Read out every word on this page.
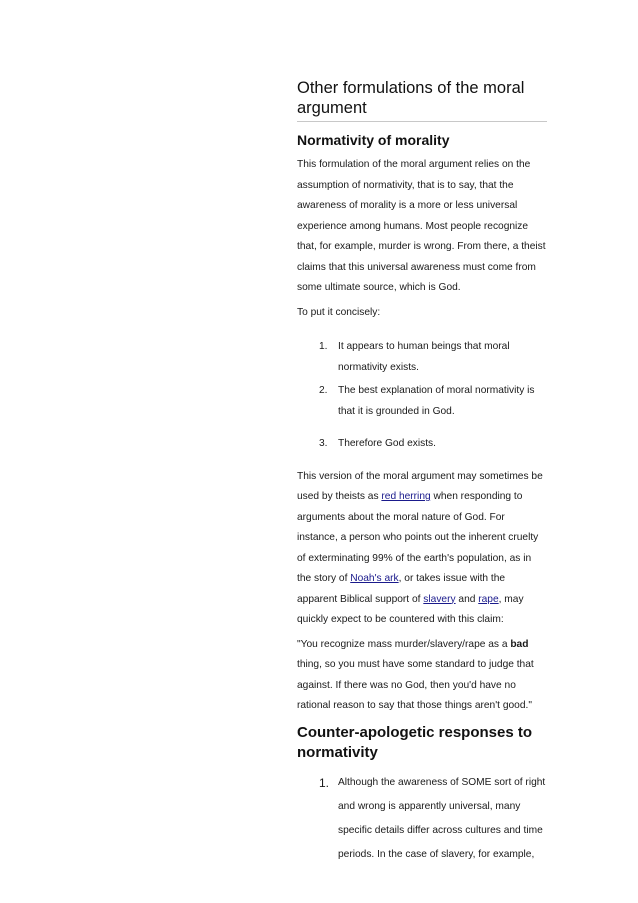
Other formulations of the moral argument
Normativity of morality

This formulation of the moral argument relies on the assumption of normativity, that is to say, that the awareness of morality is a more or less universal experience among humans. Most people recognize that, for example, murder is wrong. From there, a theist claims that this universal awareness must come from some ultimate source, which is God.

To put it concisely:

1. It appears to human beings that moral normativity exists.
2. The best explanation of moral normativity is that it is grounded in God.
3. Therefore God exists.

This version of the moral argument may sometimes be used by theists as red herring when responding to arguments about the moral nature of God. For instance, a person who points out the inherent cruelty of exterminating 99% of the earth's population, as in the story of Noah's ark, or takes issue with the apparent Biblical support of slavery and rape, may quickly expect to be countered with this claim:

"You recognize mass murder/slavery/rape as a bad thing, so you must have some standard to judge that against. If there was no God, then you'd have no rational reason to say that those things aren't good."

Counter-apologetic responses to normativity
1. Although the awareness of SOME sort of right and wrong is apparently universal, many specific details differ across cultures and time periods. In the case of slavery, for example,
